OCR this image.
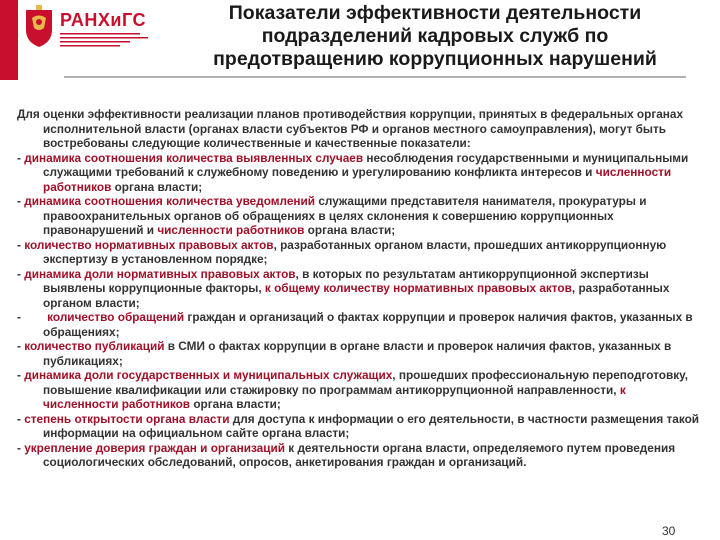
РАНХиГС	Показатели эффективности деятельности подразделений кадровых служб по предотвращению коррупционных нарушений

Для оценки эффективности реализации планов противодействия коррупции, принятых в федеральных органах исполнительной власти (органах власти субъектов РФ и органов местного самоуправления), могут быть востребованы следующие количественные и качественные показатели:

- динамика соотношения количества выявленных случаев несоблюдения государственными и муниципальными служащими требований к служебному поведению и урегулированию конфликта интересов и численности работников органа власти;

- динамика соотношения количества уведомлений служащими представителя нанимателя, прокуратуры и правоохранительных органов об обращениях в целях склонения к совершению коррупционных правонарушений и численности работников органа власти;

- количество нормативных правовых актов, разработанных органом власти, прошедших антикоррупционную экспертизу в установленном порядке;

- динамика доли нормативных правовых актов, в которых по результатам антикоррупционной экспертизы выявлены коррупционные факторы, к общему количеству нормативных правовых актов, разработанных органом власти;

-        количество обращений граждан и организаций о фактах коррупции и проверок наличия фактов, указанных в обращениях;

- количество публикаций в СМИ о фактах коррупции в органе власти и проверок наличия фактов, указанных в публикациях;

- динамика доли государственных и муниципальных служащих, прошедших профессиональную переподготовку, повышение квалификации или стажировку по программам антикоррупционной направленности, к численности работников органа власти;

- степень открытости органа власти для доступа к информации о его деятельности, в частности размещения такой информации на официальном сайте органа власти;

- укрепление доверия граждан и организаций к деятельности органа власти, определяемого путем проведения социологических обследований, опросов, анкетирования граждан и организаций.

30
